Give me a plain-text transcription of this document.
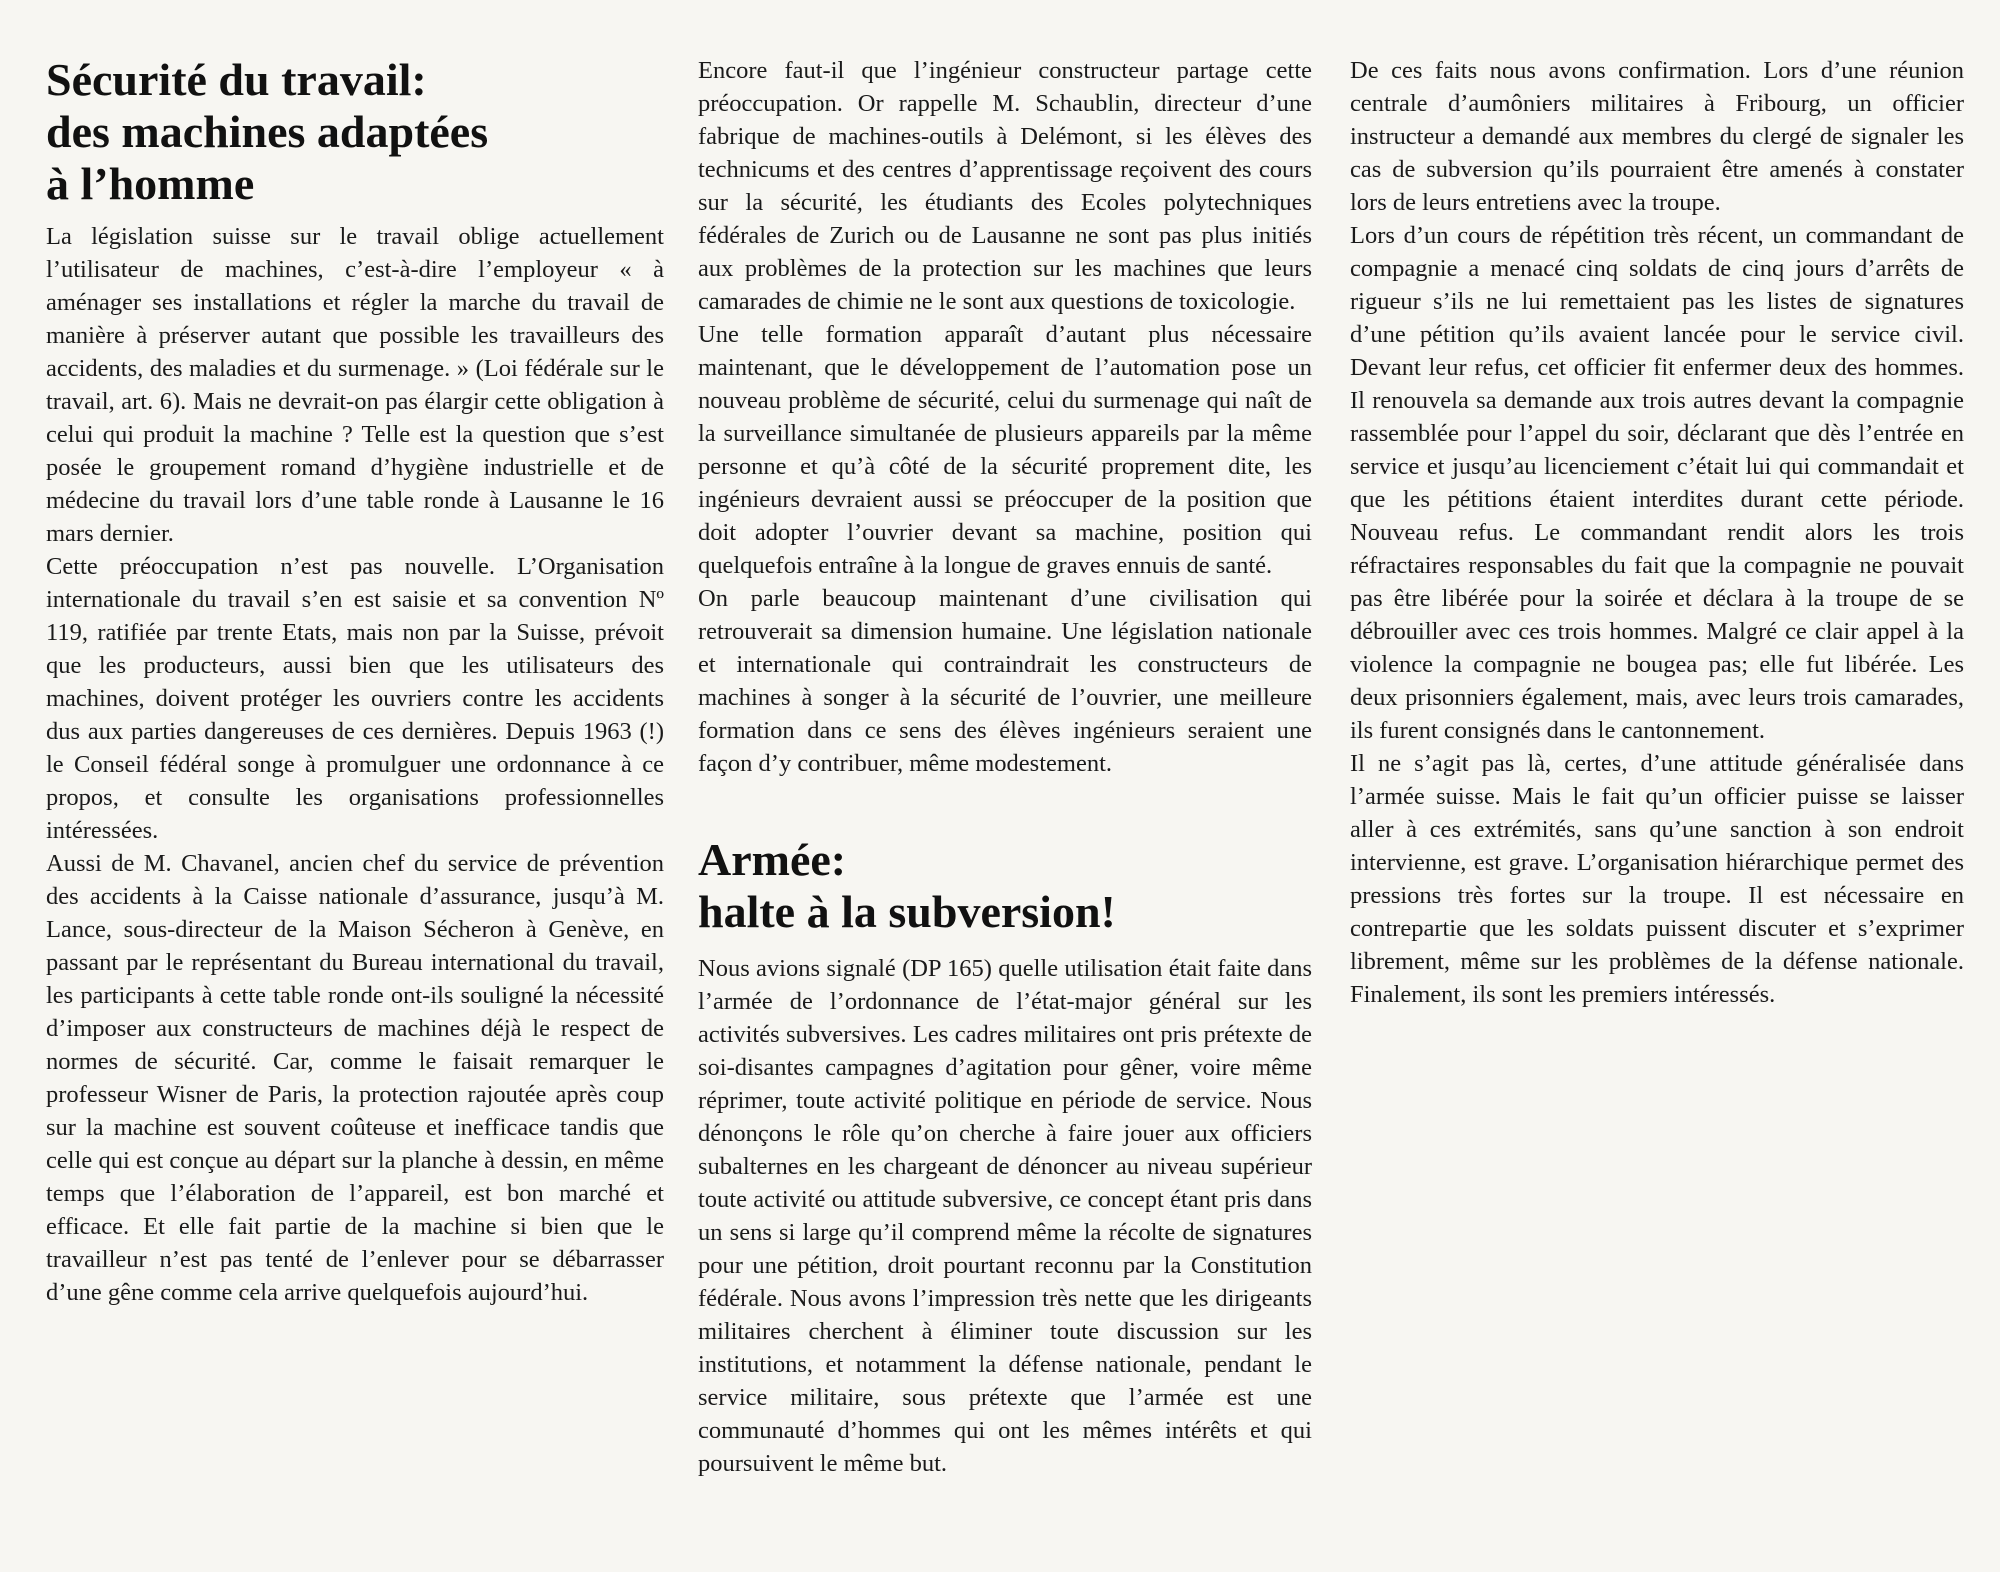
Sécurité du travail:
des machines adaptées
à l’homme

La législation suisse sur le travail oblige actuellement l’utilisateur de machines, c’est-à-dire l’employeur « à aménager ses installations et régler la marche du travail de manière à préserver autant que possible les travailleurs des accidents, des maladies et du surmenage. » (Loi fédérale sur le travail, art. 6). Mais ne devrait-on pas élargir cette obligation à celui qui produit la machine ? Telle est la question que s’est posée le groupement romand d’hygiène industrielle et de médecine du travail lors d’une table ronde à Lausanne le 16 mars dernier.

Cette préoccupation n’est pas nouvelle. L’Organisation internationale du travail s’en est saisie et sa convention Nº 119, ratifiée par trente Etats, mais non par la Suisse, prévoit que les producteurs, aussi bien que les utilisateurs des machines, doivent protéger les ouvriers contre les accidents dus aux parties dangereuses de ces dernières. Depuis 1963 (!) le Conseil fédéral songe à promulguer une ordonnance à ce propos, et consulte les organisations professionnelles intéressées.

Aussi de M. Chavanel, ancien chef du service de prévention des accidents à la Caisse nationale d’assurance, jusqu’à M. Lance, sous-directeur de la Maison Sécheron à Genève, en passant par le représentant du Bureau international du travail, les participants à cette table ronde ont-ils souligné la nécessité d’imposer aux constructeurs de machines déjà le respect de normes de sécurité. Car, comme le faisait remarquer le professeur Wisner de Paris, la protection rajoutée après coup sur la machine est souvent coûteuse et inefficace tandis que celle qui est conçue au départ sur la planche à dessin, en même temps que l’élaboration de l’appareil, est bon marché et efficace. Et elle fait partie de la machine si bien que le travailleur n’est pas tenté de l’enlever pour se débarrasser d’une gêne comme cela arrive quelquefois aujourd’hui.

Encore faut-il que l’ingénieur constructeur partage cette préoccupation. Or rappelle M. Schaublin, directeur d’une fabrique de machines-outils à Delémont, si les élèves des technicums et des centres d’apprentissage reçoivent des cours sur la sécurité, les étudiants des Ecoles polytechniques fédérales de Zurich ou de Lausanne ne sont pas plus initiés aux problèmes de la protection sur les machines que leurs camarades de chimie ne le sont aux questions de toxicologie.

Une telle formation apparaît d’autant plus nécessaire maintenant, que le développement de l’automation pose un nouveau problème de sécurité, celui du surmenage qui naît de la surveillance simultanée de plusieurs appareils par la même personne et qu’à côté de la sécurité proprement dite, les ingénieurs devraient aussi se préoccuper de la position que doit adopter l’ouvrier devant sa machine, position qui quelquefois entraîne à la longue de graves ennuis de santé.

On parle beaucoup maintenant d’une civilisation qui retrouverait sa dimension humaine. Une législation nationale et internationale qui contraindrait les constructeurs de machines à songer à la sécurité de l’ouvrier, une meilleure formation dans ce sens des élèves ingénieurs seraient une façon d’y contribuer, même modestement.

Armée:
halte à la subversion!

Nous avions signalé (DP 165) quelle utilisation était faite dans l’armée de l’ordonnance de l’état-major général sur les activités subversives. Les cadres militaires ont pris prétexte de soi-disantes campagnes d’agitation pour gêner, voire même réprimer, toute activité politique en période de service. Nous dénonçons le rôle qu’on cherche à faire jouer aux officiers subalternes en les chargeant de dénoncer au niveau supérieur toute activité ou attitude subversive, ce concept étant pris dans un sens si large qu’il comprend même la récolte de signatures pour une pétition, droit pourtant reconnu par la Constitution fédérale. Nous avons l’impression très nette que les dirigeants militaires cherchent à éliminer toute discussion sur les institutions, et notamment la défense nationale, pendant le service militaire, sous prétexte que l’armée est une communauté d’hommes qui ont les mêmes intérêts et qui poursuivent le même but.

De ces faits nous avons confirmation. Lors d’une réunion centrale d’aumôniers militaires à Fribourg, un officier instructeur a demandé aux membres du clergé de signaler les cas de subversion qu’ils pourraient être amenés à constater lors de leurs entretiens avec la troupe.

Lors d’un cours de répétition très récent, un commandant de compagnie a menacé cinq soldats de cinq jours d’arrêts de rigueur s’ils ne lui remettaient pas les listes de signatures d’une pétition qu’ils avaient lancée pour le service civil. Devant leur refus, cet officier fit enfermer deux des hommes. Il renouvela sa demande aux trois autres devant la compagnie rassemblée pour l’appel du soir, déclarant que dès l’entrée en service et jusqu’au licenciement c’était lui qui commandait et que les pétitions étaient interdites durant cette période. Nouveau refus. Le commandant rendit alors les trois réfractaires responsables du fait que la compagnie ne pouvait pas être libérée pour la soirée et déclara à la troupe de se débrouiller avec ces trois hommes. Malgré ce clair appel à la violence la compagnie ne bougea pas; elle fut libérée. Les deux prisonniers également, mais, avec leurs trois camarades, ils furent consignés dans le cantonnement.

Il ne s’agit pas là, certes, d’une attitude généralisée dans l’armée suisse. Mais le fait qu’un officier puisse se laisser aller à ces extrémités, sans qu’une sanction à son endroit intervienne, est grave. L’organisation hiérarchique permet des pressions très fortes sur la troupe. Il est nécessaire en contrepartie que les soldats puissent discuter et s’exprimer librement, même sur les problèmes de la défense nationale. Finalement, ils sont les premiers intéressés.
